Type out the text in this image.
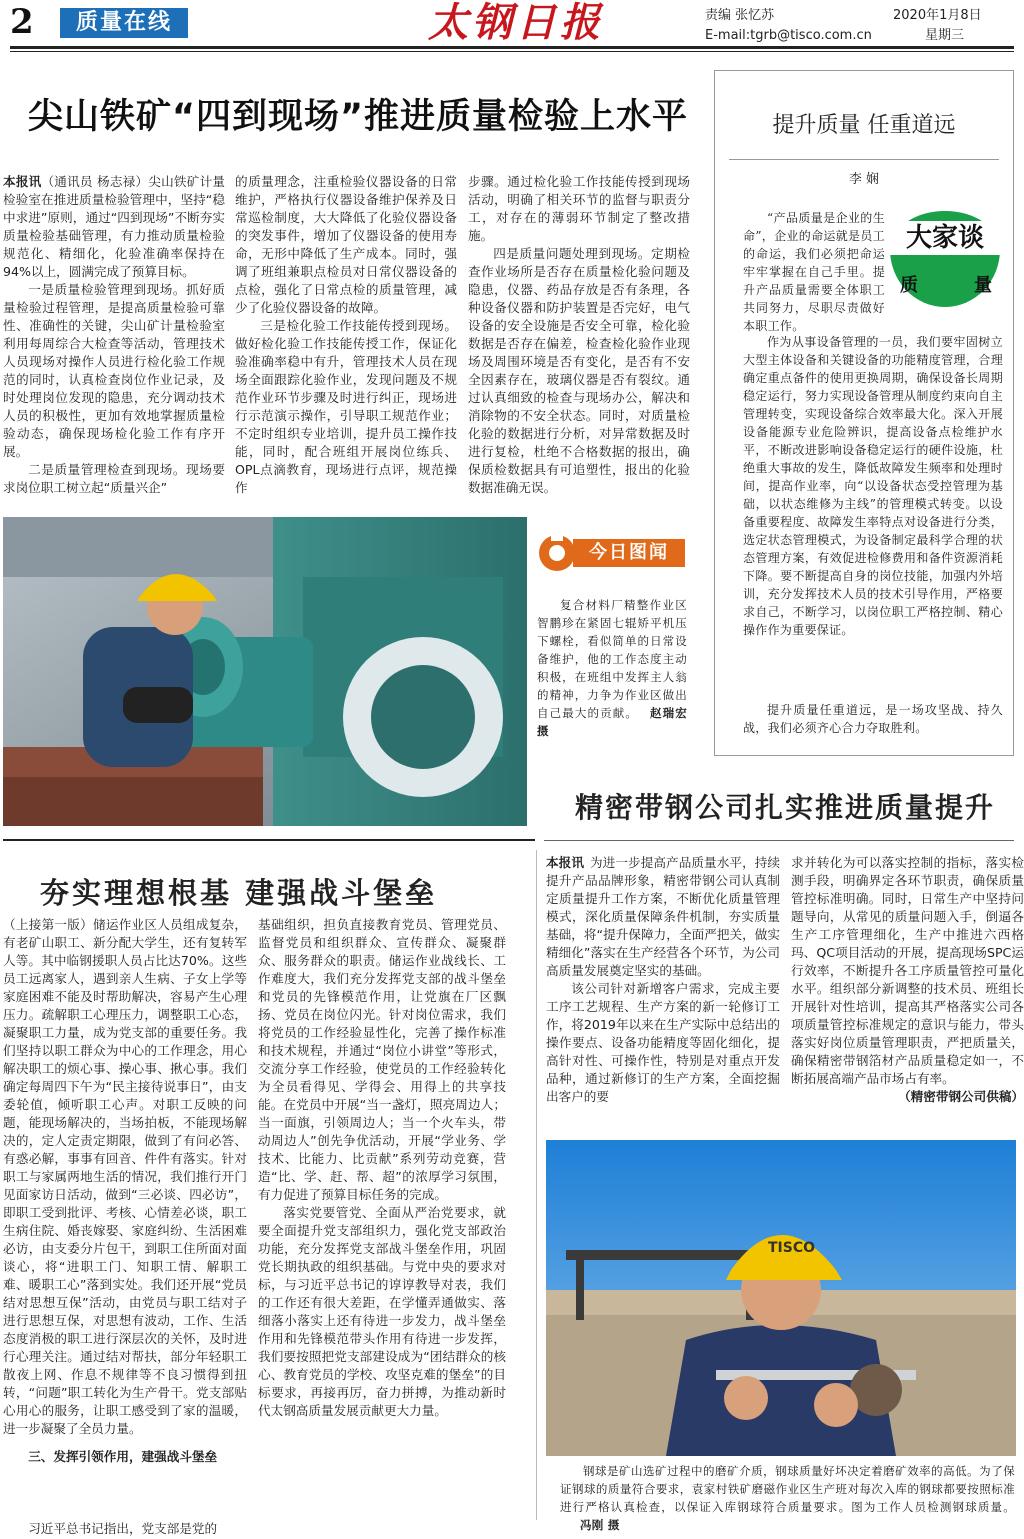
2	质量在线	太钢日报	责编 张忆苏
E-mail:tgrb@tisco.com.cn
2020年1月8日
星期三
尖山铁矿“四到现场”推进质量检验上水平

本报讯（通讯员 杨志禄）尖山铁矿计量检验室在推进质量检验管理中，坚持“稳中求进”原则，通过“四到现场”不断夯实质量检验基础管理，有力推动质量检验规范化、精细化，化验准确率保持在94%以上，圆满完成了预算目标。

一是质量检验管理到现场。抓好质量检验过程管理，是提高质量检验可靠性、准确性的关键，尖山矿计量检验室利用每周综合大检查等活动，管理技术人员现场对操作人员进行检化验工作规范的同时，认真检查岗位作业记录，及时处理岗位发现的隐患，充分调动技术人员的积极性，更加有效地掌握质量检验动态，确保现场检化验工作有序开展。

二是质量管理检查到现场。现场要求岗位职工树立起“质量兴企”

的质量理念，注重检验仪器设备的日常维护，严格执行仪器设备维护保养及日常巡检制度，大大降低了化验仪器设备的突发事件，增加了仪器设备的使用寿命，无形中降低了生产成本。同时，强调了班组兼职点检员对日常仪器设备的点检，强化了日常点检的质量管理，减少了化验仪器设备的故障。

三是检化验工作技能传授到现场。做好检化验工作技能传授工作，保证化验准确率稳中有升，管理技术人员在现场全面跟踪化验作业，发现问题及不规范作业环节步骤及时进行纠正，现场进行示范演示操作，引导职工规范作业；不定时组织专业培训，提升员工操作技能，同时，配合班组开展岗位练兵、OPL点滴教育，现场进行点评，规范操作

步骤。通过检化验工作技能传授到现场活动，明确了相关环节的监督与职责分工，对存在的薄弱环节制定了整改措施。

四是质量问题处理到现场。定期检查作业场所是否存在质量检化验问题及隐患，仪器、药品存放是否有条理，各种设备仪器和防护装置是否完好，电气设备的安全设施是否安全可靠，检化验数据是否存在偏差，检查检化验作业现场及周围环境是否有变化，是否有不安全因素存在，玻璃仪器是否有裂纹。通过认真细致的检查与现场办公，解决和消除物的不安全状态。同时，对质量检化验的数据进行分析，对异常数据及时进行复检，杜绝不合格数据的报出，确保质检数据具有可追塑性，报出的化验数据准确无误。

提升质量 任重道远
李 娴
大家谈
质	量

“产品质量是企业的生命”，企业的命运就是员工的命运，我们必须把命运牢牢掌握在自己手里。提升产品质量需要全体职工共同努力，尽职尽责做好本职工作。

作为从事设备管理的一员，我们要牢固树立大型主体设备和关键设备的功能精度管理，合理确定重点备件的使用更换周期，确保设备长周期稳定运行，努力实现设备管理从制度约束向自主管理转变，实现设备综合效率最大化。深入开展设备能源专业危险辨识，提高设备点检维护水平，不断改进影响设备稳定运行的硬件设施，杜绝重大事故的发生，降低故障发生频率和处理时间，提高作业率，向“以设备状态受控管理为基础，以状态维修为主线”的管理模式转变。以设备重要程度、故障发生率特点对设备进行分类，选定状态管理模式，为设备制定最科学合理的状态管理方案，有效促进检修费用和备件资源消耗下降。要不断提高自身的岗位技能，加强内外培训，充分发挥技术人员的技术引导作用，严格要求自己，不断学习，以岗位职工严格控制、精心操作作为重要保证。

提升质量任重道远，是一场攻坚战、持久战，我们必须齐心合力夺取胜利。

今日图闻

复合材料厂精整作业区智鹏珍在紧固七辊矫平机压下螺栓，看似简单的日常设备维护，他的工作态度主动积极，在班组中发挥主人翁的精神，力争为作业区做出自己最大的贡献。 赵瑞宏 摄

精密带钢公司扎实推进质量提升

本报讯 为进一步提高产品质量水平，持续提升产品品牌形象，精密带钢公司认真制定质量提升工作方案，不断优化质量管理模式，深化质量保障条件机制，夯实质量基础，将“提升保障力，全面严把关，做实精细化”落实在生产经营各个环节，为公司高质量发展奠定坚实的基础。

该公司针对新增客户需求，完成主要工序工艺规程、生产方案的新一轮修订工作，将2019年以来在生产实际中总结出的操作要点、设备功能精度等固化细化，提高针对性、可操作性，特别是对重点开发品种，通过新修订的生产方案，全面挖掘出客户的要

求并转化为可以落实控制的指标，落实检测手段，明确界定各环节职责，确保质量管控标准明确。同时，日常生产中坚持问题导向，从常见的质量问题入手，倒逼各生产工序管理细化，生产中推进六西格玛、QC项目活动的开展，提高现场SPC运行效率，不断提升各工序质量管控可量化水平。组织部分新调整的技术员、班组长开展针对性培训，提高其严格落实公司各项质量管控标准规定的意识与能力，带头落实好岗位质量管理职责，严把质量关，确保精密带钢箔材产品质量稳定如一，不断拓展高端产品市场占有率。

（精密带钢公司供稿）

夯实理想根基 建强战斗堡垒

（上接第一版）储运作业区人员组成复杂，有老矿山职工、新分配大学生，还有复转军人等。其中临钢援职人员占比达70%。这些员工远离家人，遇到亲人生病、子女上学等家庭困难不能及时帮助解决，容易产生心理压力。疏解职工心理压力，调整职工心态，凝聚职工力量，成为党支部的重要任务。我们坚持以职工群众为中心的工作理念，用心解决职工的烦心事、操心事、揪心事。我们确定每周四下午为“民主接待说事日”，由支委轮值，倾听职工心声。对职工反映的问题，能现场解决的，当场拍板，不能现场解决的，定人定责定期限，做到了有问必答、有惑必解，事事有回音、件件有落实。针对职工与家属两地生活的情况，我们推行开门见面家访日活动，做到“三必谈、四必访”，即职工受到批评、考核、心情差必谈，职工生病住院、婚丧嫁娶、家庭纠纷、生活困难必访，由支委分片包干，到职工住所面对面谈心，将“进职工门、知职工情、解职工难、暖职工心”落到实处。我们还开展“党员结对思想互保”活动，由党员与职工结对子进行思想互保，对思想有波动，工作、生活态度消极的职工进行深层次的关怀，及时进行心理关注。通过结对帮扶，部分年轻职工散夜上网、作息不规律等不良习惯得到扭转，“问题”职工转化为生产骨干。党支部贴心用心的服务，让职工感受到了家的温暖，进一步凝聚了全员力量。

三、发挥引领作用，建强战斗堡垒

习近平总书记指出，党支部是党的

基础组织，担负直接教育党员、管理党员、监督党员和组织群众、宣传群众、凝聚群众、服务群众的职责。储运作业战线长、工作难度大，我们充分发挥党支部的战斗堡垒和党员的先锋模范作用，让党旗在厂区飘扬、党员在岗位闪光。针对岗位需求，我们将党员的工作经验显性化，完善了操作标准和技术规程，并通过“岗位小讲堂”等形式，交流分享工作经验，使党员的工作经验转化为全员看得见、学得会、用得上的共享技能。在党员中开展“当一盏灯，照亮周边人；当一面旗，引领周边人；当一个火车头，带动周边人”创先争优活动，开展“学业务、学技术、比能力、比贡献”系列劳动竞赛，营造“比、学、赶、帮、超”的浓厚学习氛围，有力促进了预算目标任务的完成。

落实党要管党、全面从严治党要求，就要全面提升党支部组织力，强化党支部政治功能，充分发挥党支部战斗堡垒作用，巩固党长期执政的组织基础。与党中央的要求对标，与习近平总书记的谆谆教导对表，我们的工作还有很大差距，在学懂弄通做实、落细落小落实上还有待进一步发力，战斗堡垒作用和先锋模范带头作用有待进一步发挥，我们要按照把党支部建设成为“团结群众的核心、教育党员的学校、攻坚克难的堡垒”的目标要求，再接再厉，奋力拼搏，为推动新时代太钢高质量发展贡献更大力量。

TISCO

钢球是矿山选矿过程中的磨矿介质，钢球质量好坏决定着磨矿效率的高低。为了保证钢球的质量符合要求，袁家村铁矿磨磁作业区生产班对每次入库的钢球都要按照标准进行严格认真检查，以保证入库钢球符合质量要求。图为工作人员检测钢球质量。冯刚 摄
